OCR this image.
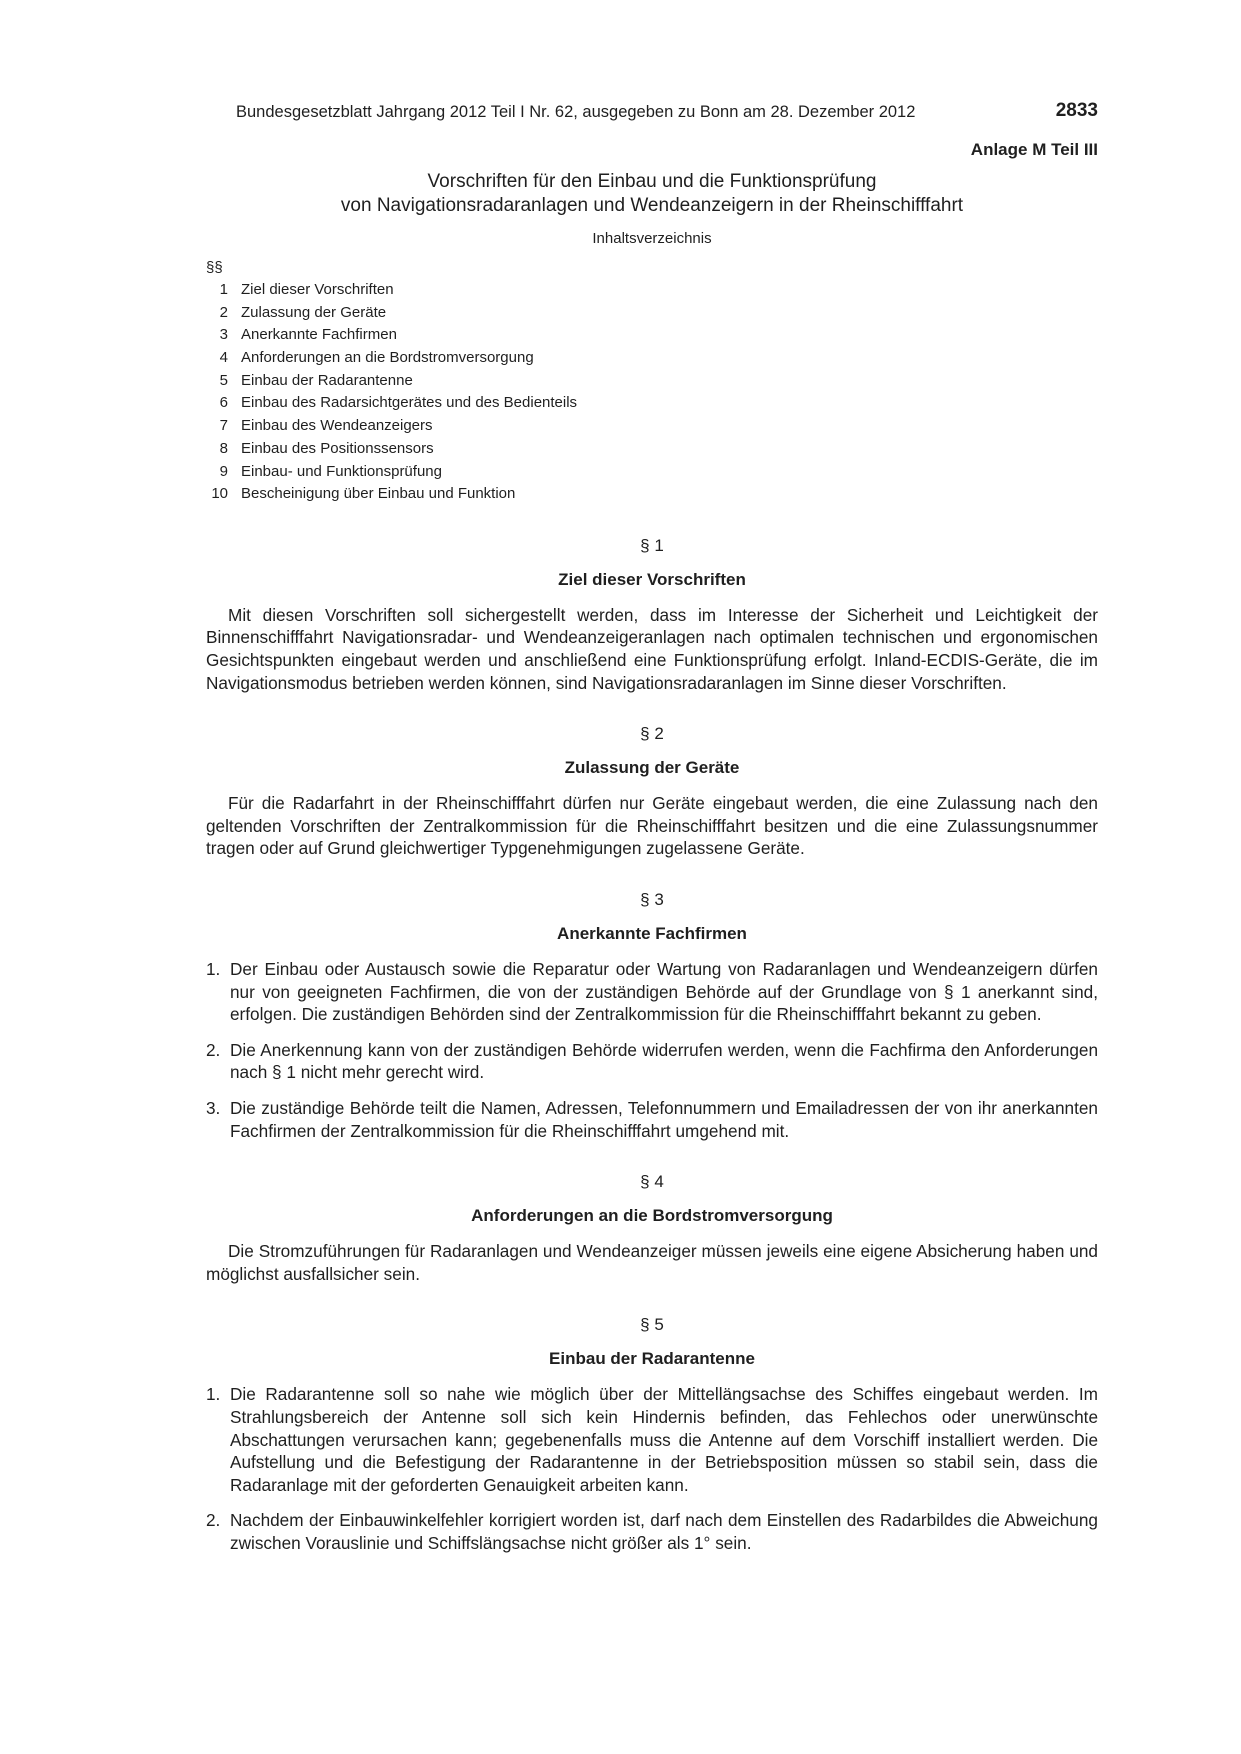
Bundesgesetzblatt Jahrgang 2012 Teil I Nr. 62, ausgegeben zu Bonn am 28. Dezember 2012	2833
Anlage M Teil III
Vorschriften für den Einbau und die Funktionsprüfung
von Navigationsradaranlagen und Wendeanzeigern in der Rheinschifffahrt
Inhaltsverzeichnis
§§
1 Ziel dieser Vorschriften
2 Zulassung der Geräte
3 Anerkannte Fachfirmen
4 Anforderungen an die Bordstromversorgung
5 Einbau der Radarantenne
6 Einbau des Radarsichtgerätes und des Bedienteils
7 Einbau des Wendeanzeigers
8 Einbau des Positionssensors
9 Einbau- und Funktionsprüfung
10 Bescheinigung über Einbau und Funktion
§ 1
Ziel dieser Vorschriften
Mit diesen Vorschriften soll sichergestellt werden, dass im Interesse der Sicherheit und Leichtigkeit der Binnenschifffahrt Navigationsradar- und Wendeanzeigeranlagen nach optimalen technischen und ergonomischen Gesichtspunkten eingebaut werden und anschließend eine Funktionsprüfung erfolgt. Inland-ECDIS-Geräte, die im Navigationsmodus betrieben werden können, sind Navigationsradaranlagen im Sinne dieser Vorschriften.
§ 2
Zulassung der Geräte
Für die Radarfahrt in der Rheinschifffahrt dürfen nur Geräte eingebaut werden, die eine Zulassung nach den geltenden Vorschriften der Zentralkommission für die Rheinschifffahrt besitzen und die eine Zulassungsnummer tragen oder auf Grund gleichwertiger Typgenehmigungen zugelassene Geräte.
§ 3
Anerkannte Fachfirmen
1. Der Einbau oder Austausch sowie die Reparatur oder Wartung von Radaranlagen und Wendeanzeigern dürfen nur von geeigneten Fachfirmen, die von der zuständigen Behörde auf der Grundlage von § 1 anerkannt sind, erfolgen. Die zuständigen Behörden sind der Zentralkommission für die Rheinschifffahrt bekannt zu geben.
2. Die Anerkennung kann von der zuständigen Behörde widerrufen werden, wenn die Fachfirma den Anforderungen nach § 1 nicht mehr gerecht wird.
3. Die zuständige Behörde teilt die Namen, Adressen, Telefonnummern und Emailadressen der von ihr anerkannten Fachfirmen der Zentralkommission für die Rheinschifffahrt umgehend mit.
§ 4
Anforderungen an die Bordstromversorgung
Die Stromzuführungen für Radaranlagen und Wendeanzeiger müssen jeweils eine eigene Absicherung haben und möglichst ausfallsicher sein.
§ 5
Einbau der Radarantenne
1. Die Radarantenne soll so nahe wie möglich über der Mittellängsachse des Schiffes eingebaut werden. Im Strahlungsbereich der Antenne soll sich kein Hindernis befinden, das Fehlechos oder unerwünschte Abschattungen verursachen kann; gegebenenfalls muss die Antenne auf dem Vorschiff installiert werden. Die Aufstellung und die Befestigung der Radarantenne in der Betriebsposition müssen so stabil sein, dass die Radaranlage mit der geforderten Genauigkeit arbeiten kann.
2. Nachdem der Einbauwinkelfehler korrigiert worden ist, darf nach dem Einstellen des Radarbildes die Abweichung zwischen Vorauslinie und Schiffslängsachse nicht größer als 1° sein.
